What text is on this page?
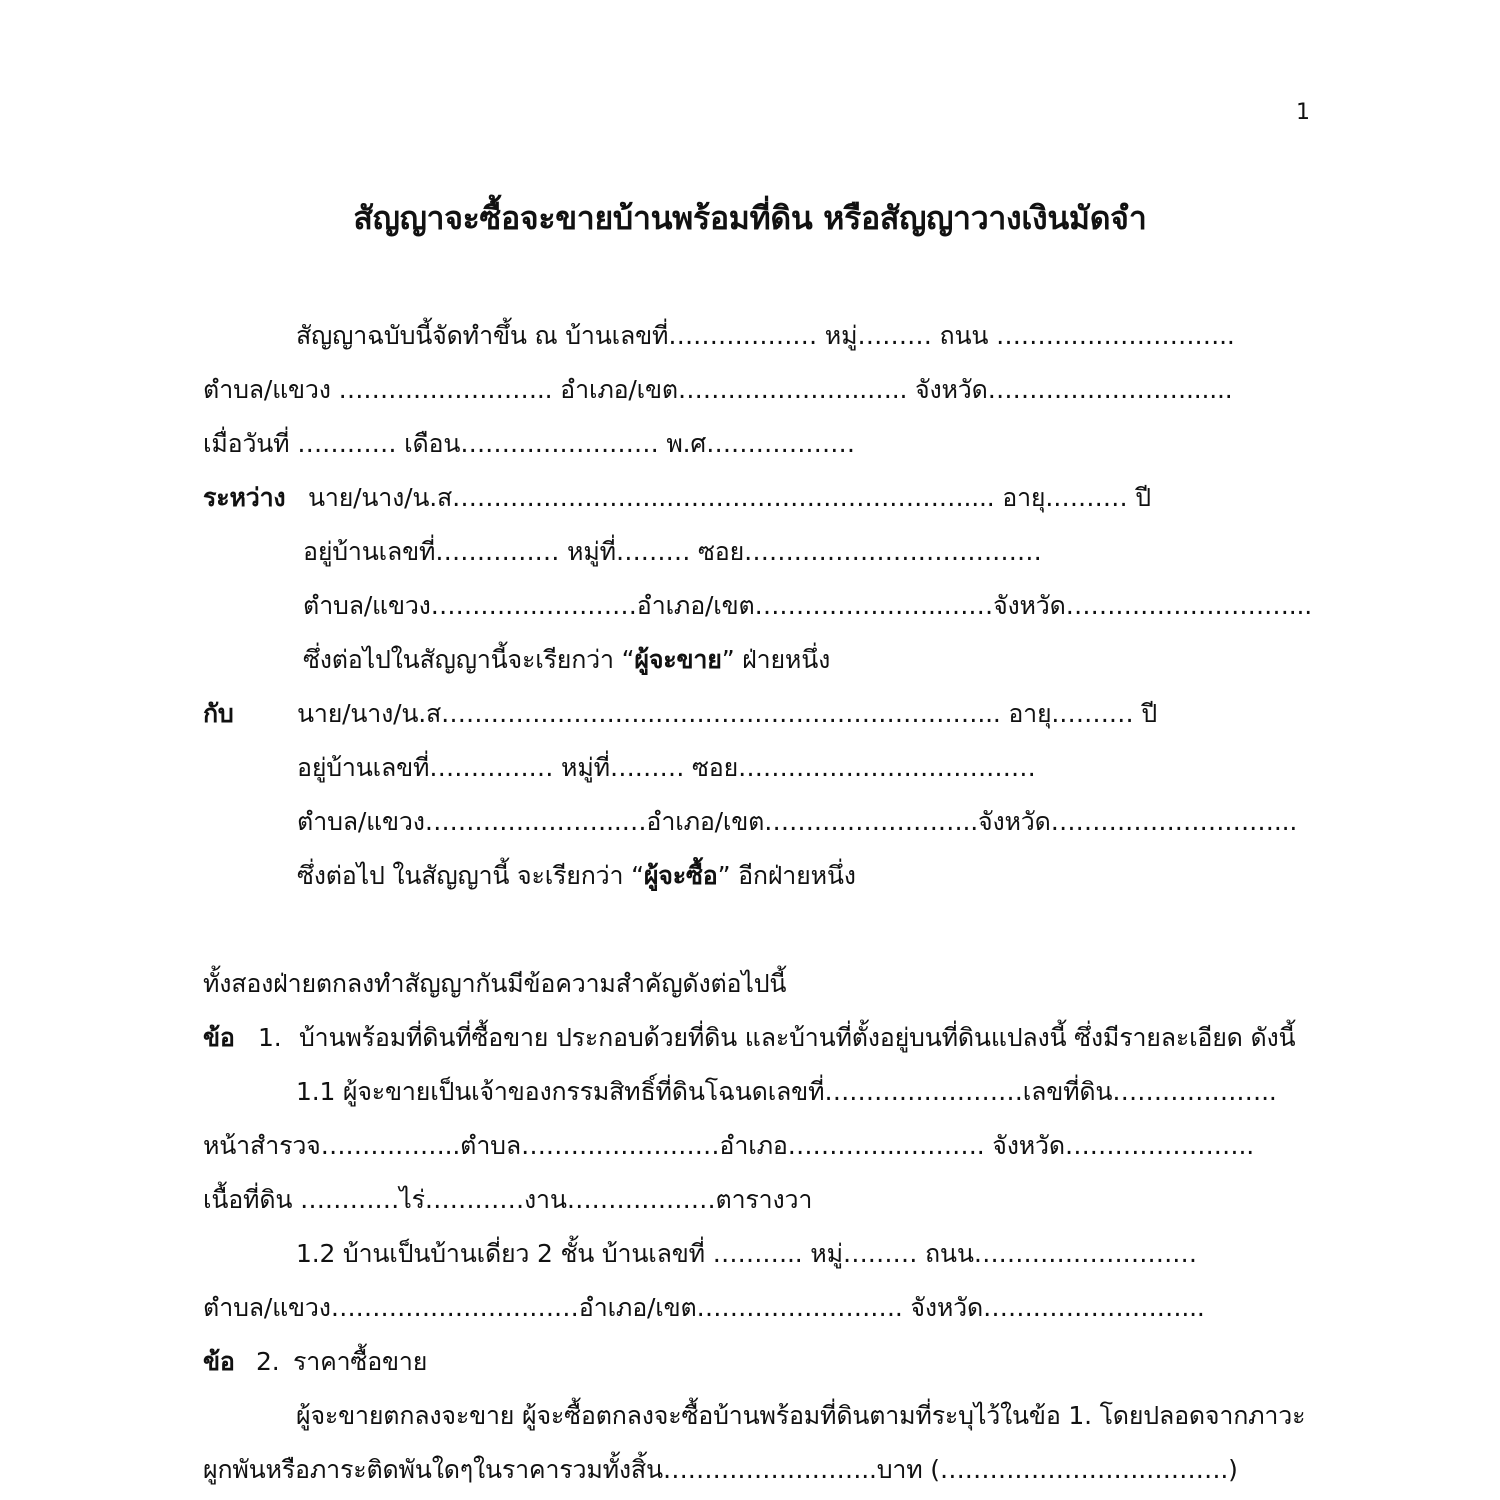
1
สัญญาจะซื้อจะขายบ้านพร้อมที่ดิน หรือสัญญาวางเงินมัดจำ
สัญญาฉบับนี้จัดทำขึ้น ณ บ้านเลขที่……………… หมู่……… ถนน ………………………..
ตำบล/แขวง …………………….. อำเภอ/เขต…………………..….. จังหวัด……………………......
เมื่อวันที่ ………… เดือน…………………… พ.ศ………………
ระหว่าง นาย/นาง/น.ส……………………..……………………………….... อายุ.……… ปี
อยู่บ้านเลขที่…………… หมู่ที่……… ซอย………………………………
ตำบล/แขวง………….…………อำเภอ/เขต…………………..……จังหวัด………………………...
ซึ่งต่อไปในสัญญานี้จะเรียกว่า “ผู้จะขาย” ฝ่ายหนึ่ง
กับ	นาย/นาง/น.ส……………………..…………………………………... อายุ.……… ปี
อยู่บ้านเลขที่…………… หมู่ที่……… ซอย………………………………
ตำบล/แขวง………….………..…อำเภอ/เขต……………………..จังหวัด………………………...
ซึ่งต่อไป ในสัญญานี้ จะเรียกว่า “ผู้จะซื้อ” อีกฝ่ายหนึ่ง
ทั้งสองฝ่ายตกลงทำสัญญากันมีข้อความสำคัญดังต่อไปนี้
ข้อ 1. บ้านพร้อมที่ดินที่ซื้อขาย ประกอบด้วยที่ดิน และบ้านที่ตั้งอยู่บนที่ดินแปลงนี้ ซึ่งมีรายละเอียด ดังนี้
1.1 ผู้จะขายเป็นเจ้าของกรรมสิทธิ์ที่ดินโฉนดเลขที่……………………เลขที่ดิน………………..
หน้าสำรวจ……………..ตำบล……………………อำเภอ…………..………. จังหวัด…………………..
เนื้อที่ดิน …………ไร่…………งาน………………ตารางวา
1.2 บ้านเป็นบ้านเดี่ยว 2 ชั้น บ้านเลขที่ ……….. หมู่……… ถนน………………………
ตำบล/แขวง…………………………อำเภอ/เขต……………………. จังหวัด……………………...
ข้อ 2. ราคาซื้อขาย
ผู้จะขายตกลงจะขาย ผู้จะซื้อตกลงจะซื้อบ้านพร้อมที่ดินตามที่ระบุไว้ในข้อ 1. โดยปลอดจากภาวะ
ผูกพันหรือภาระติดพันใดๆในราคารวมทั้งสิ้น……………………..บาท (…………………….……….)
